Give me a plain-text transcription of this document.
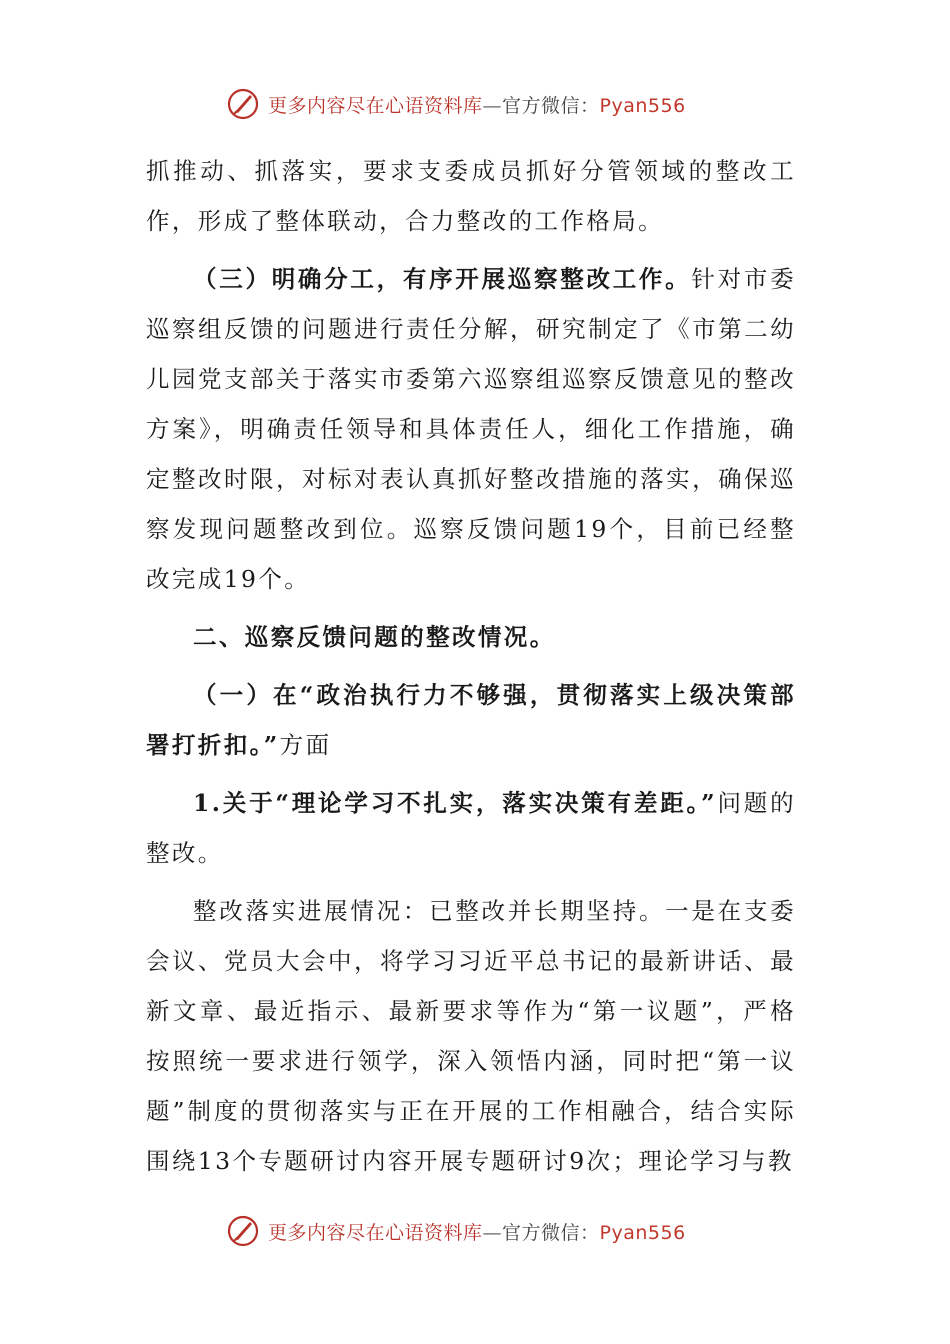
更多内容尽在心语资料库—官方微信：Pyan556

抓推动、抓落实，要求支委成员抓好分管领域的整改工作，形成了整体联动，合力整改的工作格局。

（三）明确分工，有序开展巡察整改工作。针对市委巡察组反馈的问题进行责任分解，研究制定了《市第二幼儿园党支部关于落实市委第六巡察组巡察反馈意见的整改方案》，明确责任领导和具体责任人，细化工作措施，确定整改时限，对标对表认真抓好整改措施的落实，确保巡察发现问题整改到位。巡察反馈问题19个，目前已经整改完成19个。

二、巡察反馈问题的整改情况。

（一）在“政治执行力不够强，贯彻落实上级决策部署打折扣。”方面

1.关于“理论学习不扎实，落实决策有差距。”问题的整改。

整改落实进展情况：已整改并长期坚持。一是在支委会议、党员大会中，将学习习近平总书记的最新讲话、最新文章、最近指示、最新要求等作为“第一议题”，严格按照统一要求进行领学，深入领悟内涵，同时把“第一议题”制度的贯彻落实与正在开展的工作相融合，结合实际围绕13个专题研讨内容开展专题研讨9次；理论学习与教

更多内容尽在心语资料库—官方微信：Pyan556
